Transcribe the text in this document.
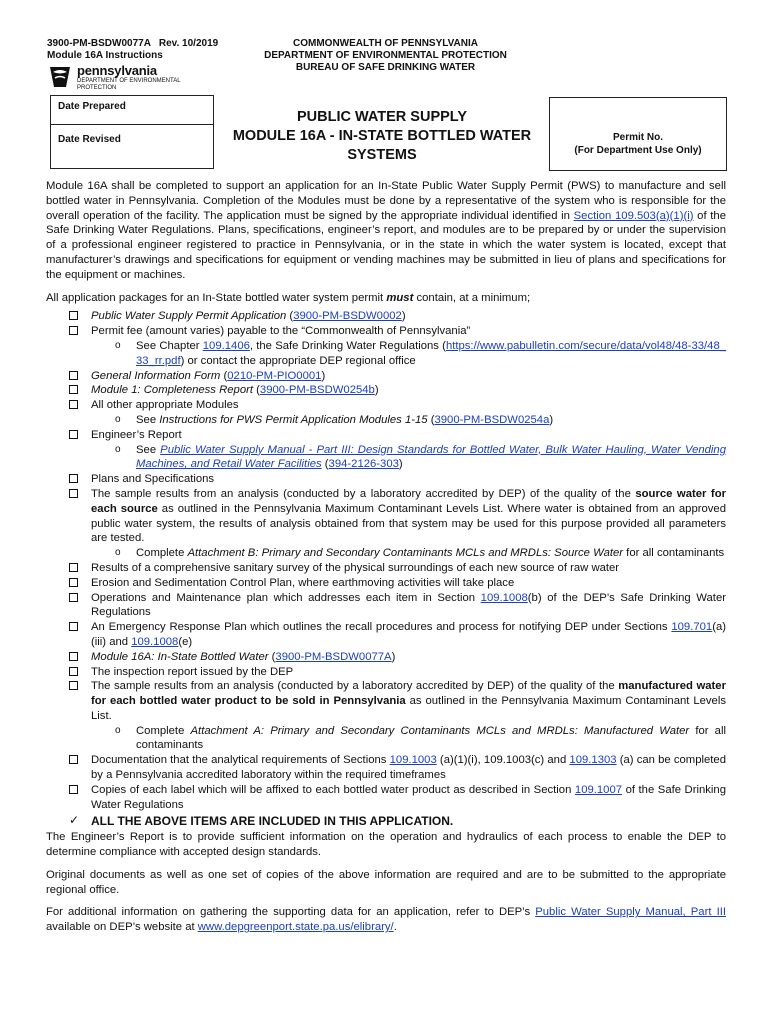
3900-PM-BSDW0077A   Rev. 10/2019
Module 16A Instructions
COMMONWEALTH OF PENNSYLVANIA
DEPARTMENT OF ENVIRONMENTAL PROTECTION
BUREAU OF SAFE DRINKING WATER
pennsylvania
DEPARTMENT OF ENVIRONMENTAL
PROTECTION
Date Prepared
Date Revised
PUBLIC WATER SUPPLY
MODULE 16A - IN-STATE BOTTLED WATER
SYSTEMS
Permit No.
(For Department Use Only)

Module 16A shall be completed to support an application for an In-State Public Water Supply Permit (PWS) to manufacture and sell bottled water in Pennsylvania. Completion of the Modules must be done by a representative of the system who is responsible for the overall operation of the facility. The application must be signed by the appropriate individual identified in Section 109.503(a)(1)(i) of the Safe Drinking Water Regulations. Plans, specifications, engineer’s report, and modules are to be prepared by or under the supervision of a professional engineer registered to practice in Pennsylvania, or in the state in which the water system is located, except that manufacturer’s drawings and specifications for equipment or vending machines may be submitted in lieu of plans and specifications for the equipment or machines.

All application packages for an In-State bottled water system permit must contain, at a minimum;

Public Water Supply Permit Application (3900-PM-BSDW0002)
Permit fee (amount varies) payable to the “Commonwealth of Pennsylvania”
o See Chapter 109.1406, the Safe Drinking Water Regulations (https://www.pabulletin.com/secure/data/vol48/48-33/48_33_rr.pdf) or contact the appropriate DEP regional office
General Information Form (0210-PM-PIO0001)
Module 1: Completeness Report (3900-PM-BSDW0254b)
All other appropriate Modules
o See Instructions for PWS Permit Application Modules 1-15 (3900-PM-BSDW0254a)
Engineer’s Report
o See Public Water Supply Manual - Part III: Design Standards for Bottled Water, Bulk Water Hauling, Water Vending Machines, and Retail Water Facilities (394-2126-303)
Plans and Specifications
The sample results from an analysis (conducted by a laboratory accredited by DEP) of the quality of the source water for each source as outlined in the Pennsylvania Maximum Contaminant Levels List. Where water is obtained from an approved public water system, the results of analysis obtained from that system may be used for this purpose provided all parameters are tested.
o Complete Attachment B: Primary and Secondary Contaminants MCLs and MRDLs: Source Water for all contaminants
Results of a comprehensive sanitary survey of the physical surroundings of each new source of raw water
Erosion and Sedimentation Control Plan, where earthmoving activities will take place
Operations and Maintenance plan which addresses each item in Section 109.1008(b) of the DEP’s Safe Drinking Water Regulations
An Emergency Response Plan which outlines the recall procedures and process for notifying DEP under Sections 109.701(a)(iii) and 109.1008(e)
Module 16A: In-State Bottled Water (3900-PM-BSDW0077A)
The inspection report issued by the DEP
The sample results from an analysis (conducted by a laboratory accredited by DEP) of the quality of the manufactured water for each bottled water product to be sold in Pennsylvania as outlined in the Pennsylvania Maximum Contaminant Levels List.
o Complete Attachment A: Primary and Secondary Contaminants MCLs and MRDLs: Manufactured Water for all contaminants
Documentation that the analytical requirements of Sections 109.1003 (a)(1)(i), 109.1003(c) and 109.1303 (a) can be completed by a Pennsylvania accredited laboratory within the required timeframes
Copies of each label which will be affixed to each bottled water product as described in Section 109.1007 of the Safe Drinking Water Regulations
✓ ALL THE ABOVE ITEMS ARE INCLUDED IN THIS APPLICATION.

The Engineer’s Report is to provide sufficient information on the operation and hydraulics of each process to enable the DEP to determine compliance with accepted design standards.

Original documents as well as one set of copies of the above information are required and are to be submitted to the appropriate regional office.

For additional information on gathering the supporting data for an application, refer to DEP’s Public Water Supply Manual, Part III available on DEP’s website at www.depgreenport.state.pa.us/elibrary/.
